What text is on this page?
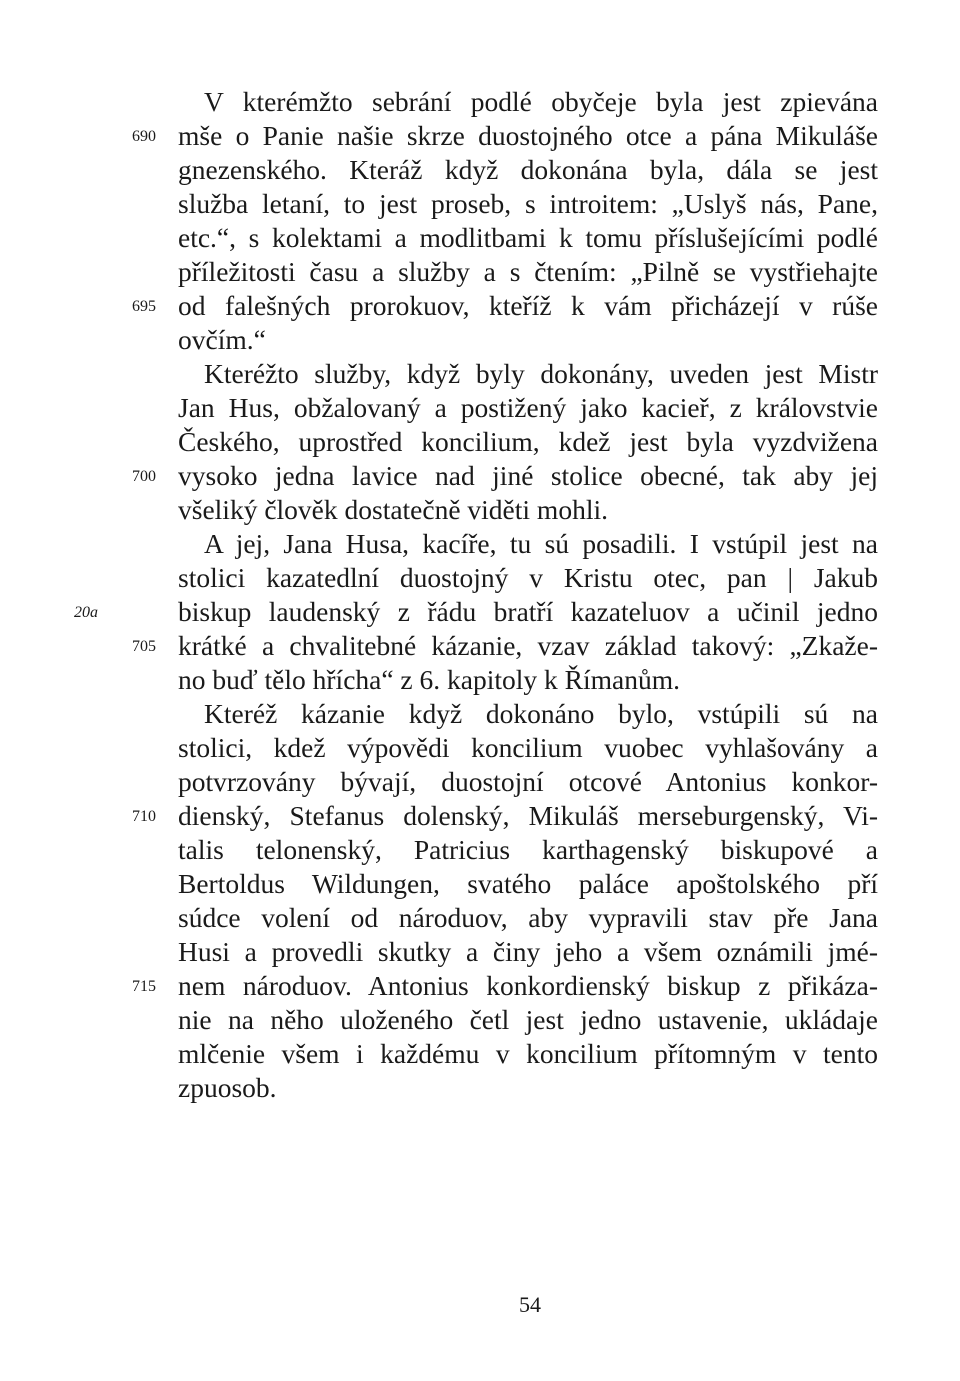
V kterémžto sebrání podlé obyčeje byla jest zpievána
mše o Panie našie skrze duostojného otce a pána Mikuláše
gnezenského. Kteráž když dokonána byla, dála se jest
služba letaní, to jest proseb, s introitem: „Uslyš nás, Pane,
etc.“, s kolektami a modlitbami k tomu příslušejícími podlé
příležitosti času a služby a s čtením: „Pilně se vystřiehajte
od falešných prorokuov, kteříž k vám přicházejí v rúše
ovčím.“
Kteréžto služby, když byly dokonány, uveden jest Mistr
Jan Hus, obžalovaný a postižený jako kacieř, z královstvie
Českého, uprostřed koncilium, kdež jest byla vyzdvižena
vysoko jedna lavice nad jiné stolice obecné, tak aby jej
všeliký člověk dostatečně viděti mohli.
A jej, Jana Husa, kacíře, tu sú posadili. I vstúpil jest na
stolici kazatedlní duostojný v Kristu otec, pan | Jakub
biskup laudenský z řádu bratří kazateluov a učinil jedno
krátké a chvalitebné kázanie, vzav základ takový: „Zkaže-
no buď tělo hřícha“ z 6. kapitoly k Římanům.
Kteréž kázanie když dokonáno bylo, vstúpili sú na
stolici, kdež výpovědi koncilium vuobec vyhlašovány a
potvrzovány bývají, duostojní otcové Antonius konkor-
dienský, Stefanus dolenský, Mikuláš merseburgenský, Vi-
talis telonenský, Patricius karthagenský biskupové a
Bertoldus Wildungen, svatého paláce apoštolského pří
súdce volení od národuov, aby vypravili stav pře Jana
Husi a provedli skutky a činy jeho a všem oznámili jmé-
nem národuov. Antonius konkordienský biskup z přikáza-
nie na něho uloženého četl jest jedno ustavenie, ukládaje
mlčenie všem i každému v koncilium přítomným v tento
zpuosob.
690
695
700
705
710
715
20a
54
